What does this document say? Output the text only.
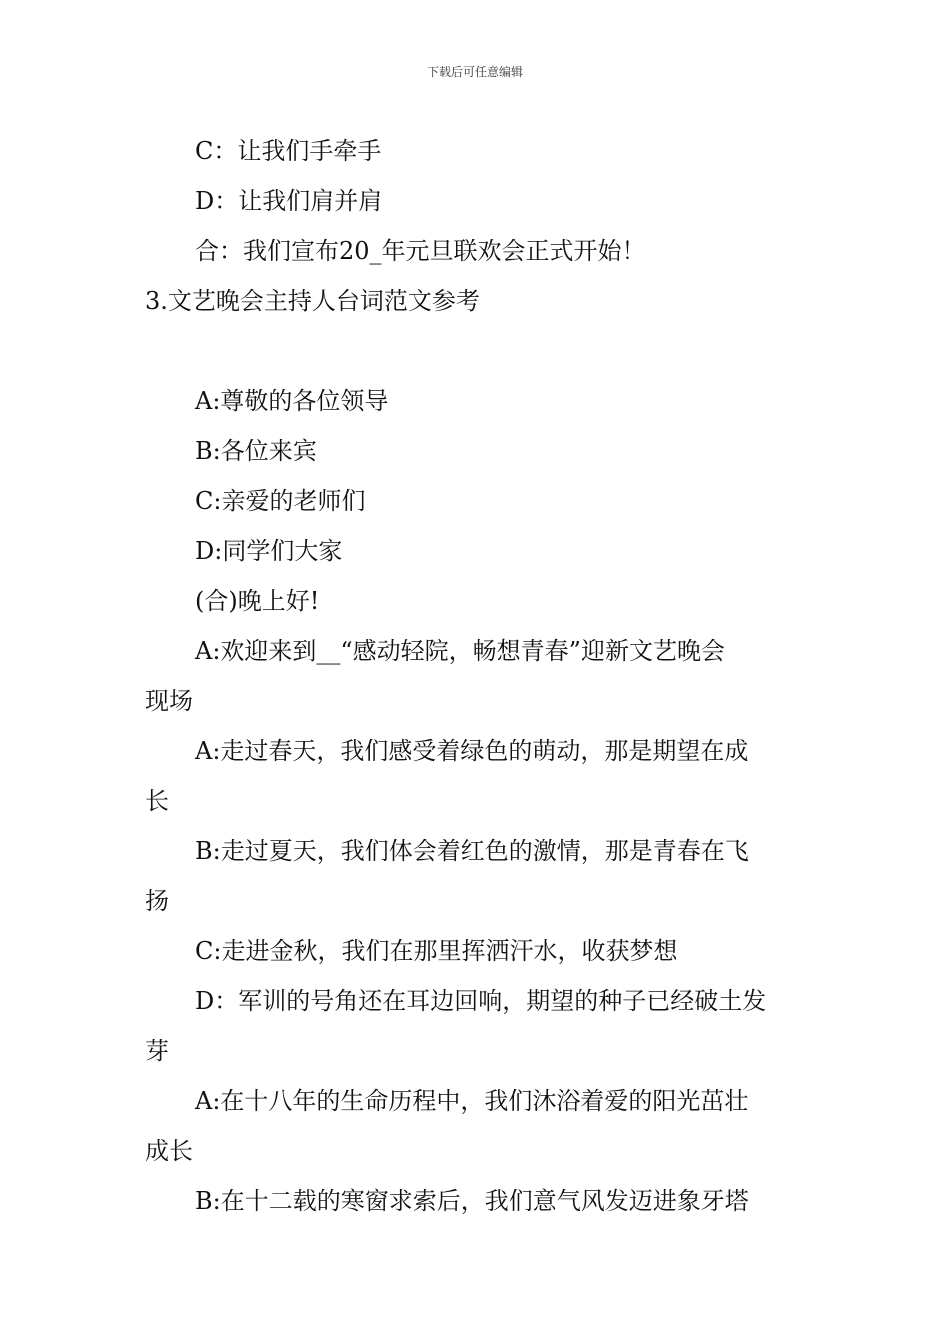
下载后可任意编辑

C：让我们手牵手

D：让我们肩并肩

合：我们宣布20_年元旦联欢会正式开始！

3.文艺晚会主持人台词范文参考

A:尊敬的各位领导

B:各位来宾

C:亲爱的老师们

D:同学们大家

(合)晚上好!

A:欢迎来到__“感动轻院，畅想青春”迎新文艺晚会

现场

A:走过春天，我们感受着绿色的萌动，那是期望在成

长

B:走过夏天，我们体会着红色的激情，那是青春在飞

扬

C:走进金秋，我们在那里挥洒汗水，收获梦想

D：军训的号角还在耳边回响，期望的种子已经破土发

芽

A:在十八年的生命历程中，我们沐浴着爱的阳光茁壮

成长

B:在十二载的寒窗求索后，我们意气风发迈进象牙塔
